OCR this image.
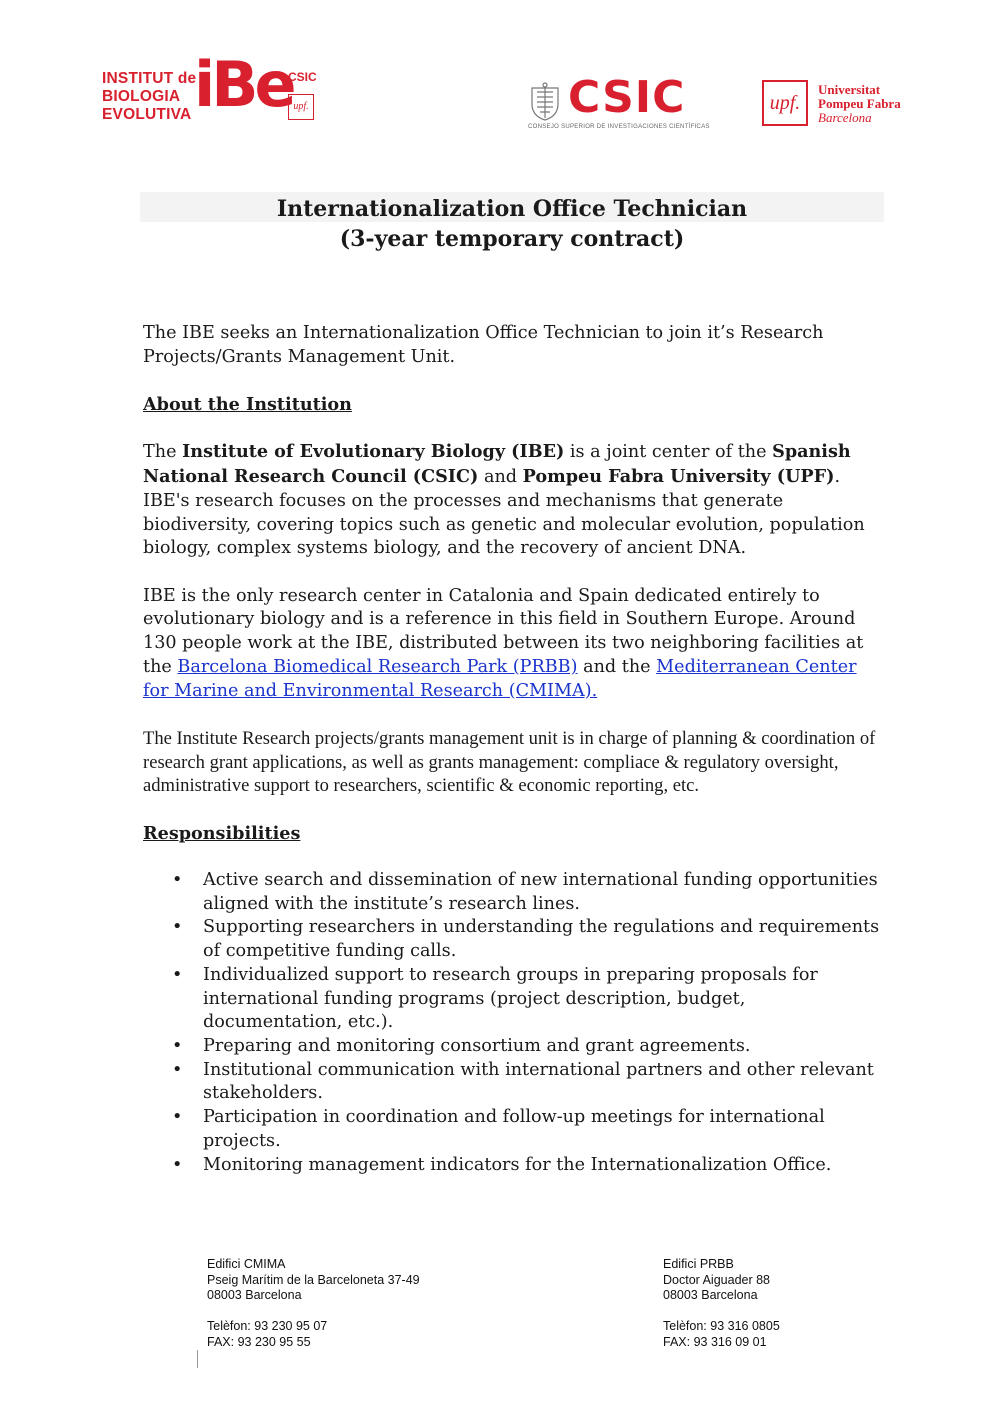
INSTITUT de
BIOLOGIA
EVOLUTIVA iBe
CSIC
upf.	CSIC
CONSEJO SUPERIOR DE INVESTIGACIONES CIENTÍFICAS
upf.
Universitat
Pompeu Fabra
Barcelona
Internationalization Office Technician
(3-year temporary contract)

The IBE seeks an Internationalization Office Technician to join it’s Research Projects/Grants Management Unit.

About the Institution

The Institute of Evolutionary Biology (IBE) is a joint center of the Spanish National Research Council (CSIC) and Pompeu Fabra University (UPF).
IBE's research focuses on the processes and mechanisms that generate biodiversity, covering topics such as genetic and molecular evolution, population biology, complex systems biology, and the recovery of ancient DNA.

IBE is the only research center in Catalonia and Spain dedicated entirely to evolutionary biology and is a reference in this field in Southern Europe. Around 130 people work at the IBE, distributed between its two neighboring facilities at the Barcelona Biomedical Research Park (PRBB) and the Mediterranean Center for Marine and Environmental Research (CMIMA).

The Institute Research projects/grants management unit is in charge of planning & coordination of research grant applications, as well as grants management: compliace & regulatory oversight, administrative support to researchers, scientific & economic reporting, etc.

Responsibilities

• Active search and dissemination of new international funding opportunities aligned with the institute’s research lines.
• Supporting researchers in understanding the regulations and requirements of competitive funding calls.
• Individualized support to research groups in preparing proposals for international funding programs (project description, budget, documentation, etc.).
• Preparing and monitoring consortium and grant agreements.
• Institutional communication with international partners and other relevant stakeholders.
• Participation in coordination and follow-up meetings for international projects.
• Monitoring management indicators for the Internationalization Office.
Edifici CMIMA
Pseig Marítim de la Barceloneta 37-49
08003 Barcelona
Telèfon: 93 230 95 07
FAX: 93 230 95 55
Edifici PRBB
Doctor Aiguader 88
08003 Barcelona
Telèfon: 93 316 0805
FAX: 93 316 09 01
